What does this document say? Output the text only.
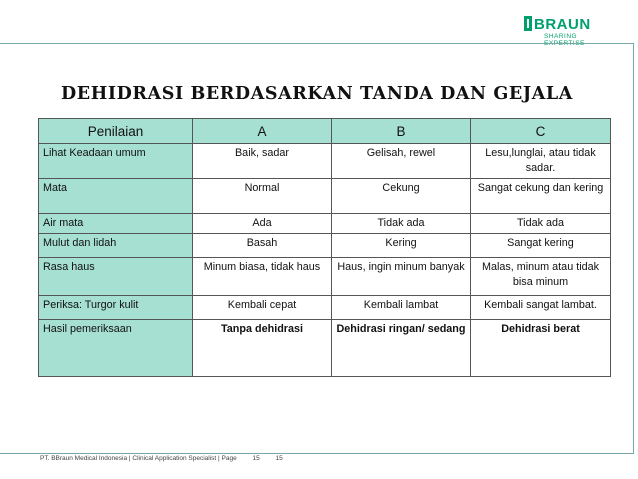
BRAUN
SHARING EXPERTISE
DEHIDRASI BERDASARKAN TANDA DAN GEJALA
Penilaian	A	B	C
Lihat Keadaan umum	Baik, sadar	Gelisah, rewel	Lesu,lunglai, atau tidak sadar.
Mata	Normal	Cekung	Sangat cekung dan kering
Air mata	Ada	Tidak ada	Tidak ada
Mulut dan lidah	Basah	Kering	Sangat kering
Rasa haus	Minum biasa, tidak haus	Haus, ingin minum banyak	Malas, minum atau tidak bisa minum
Periksa: Turgor kulit	Kembali cepat	Kembali lambat	Kembali sangat lambat.
Hasil pemeriksaan	Tanpa dehidrasi	Dehidrasi ringan/ sedang	Dehidrasi berat
PT. BBraun Medical Indonesia | Clinical Application Specialist | Page 15 15
